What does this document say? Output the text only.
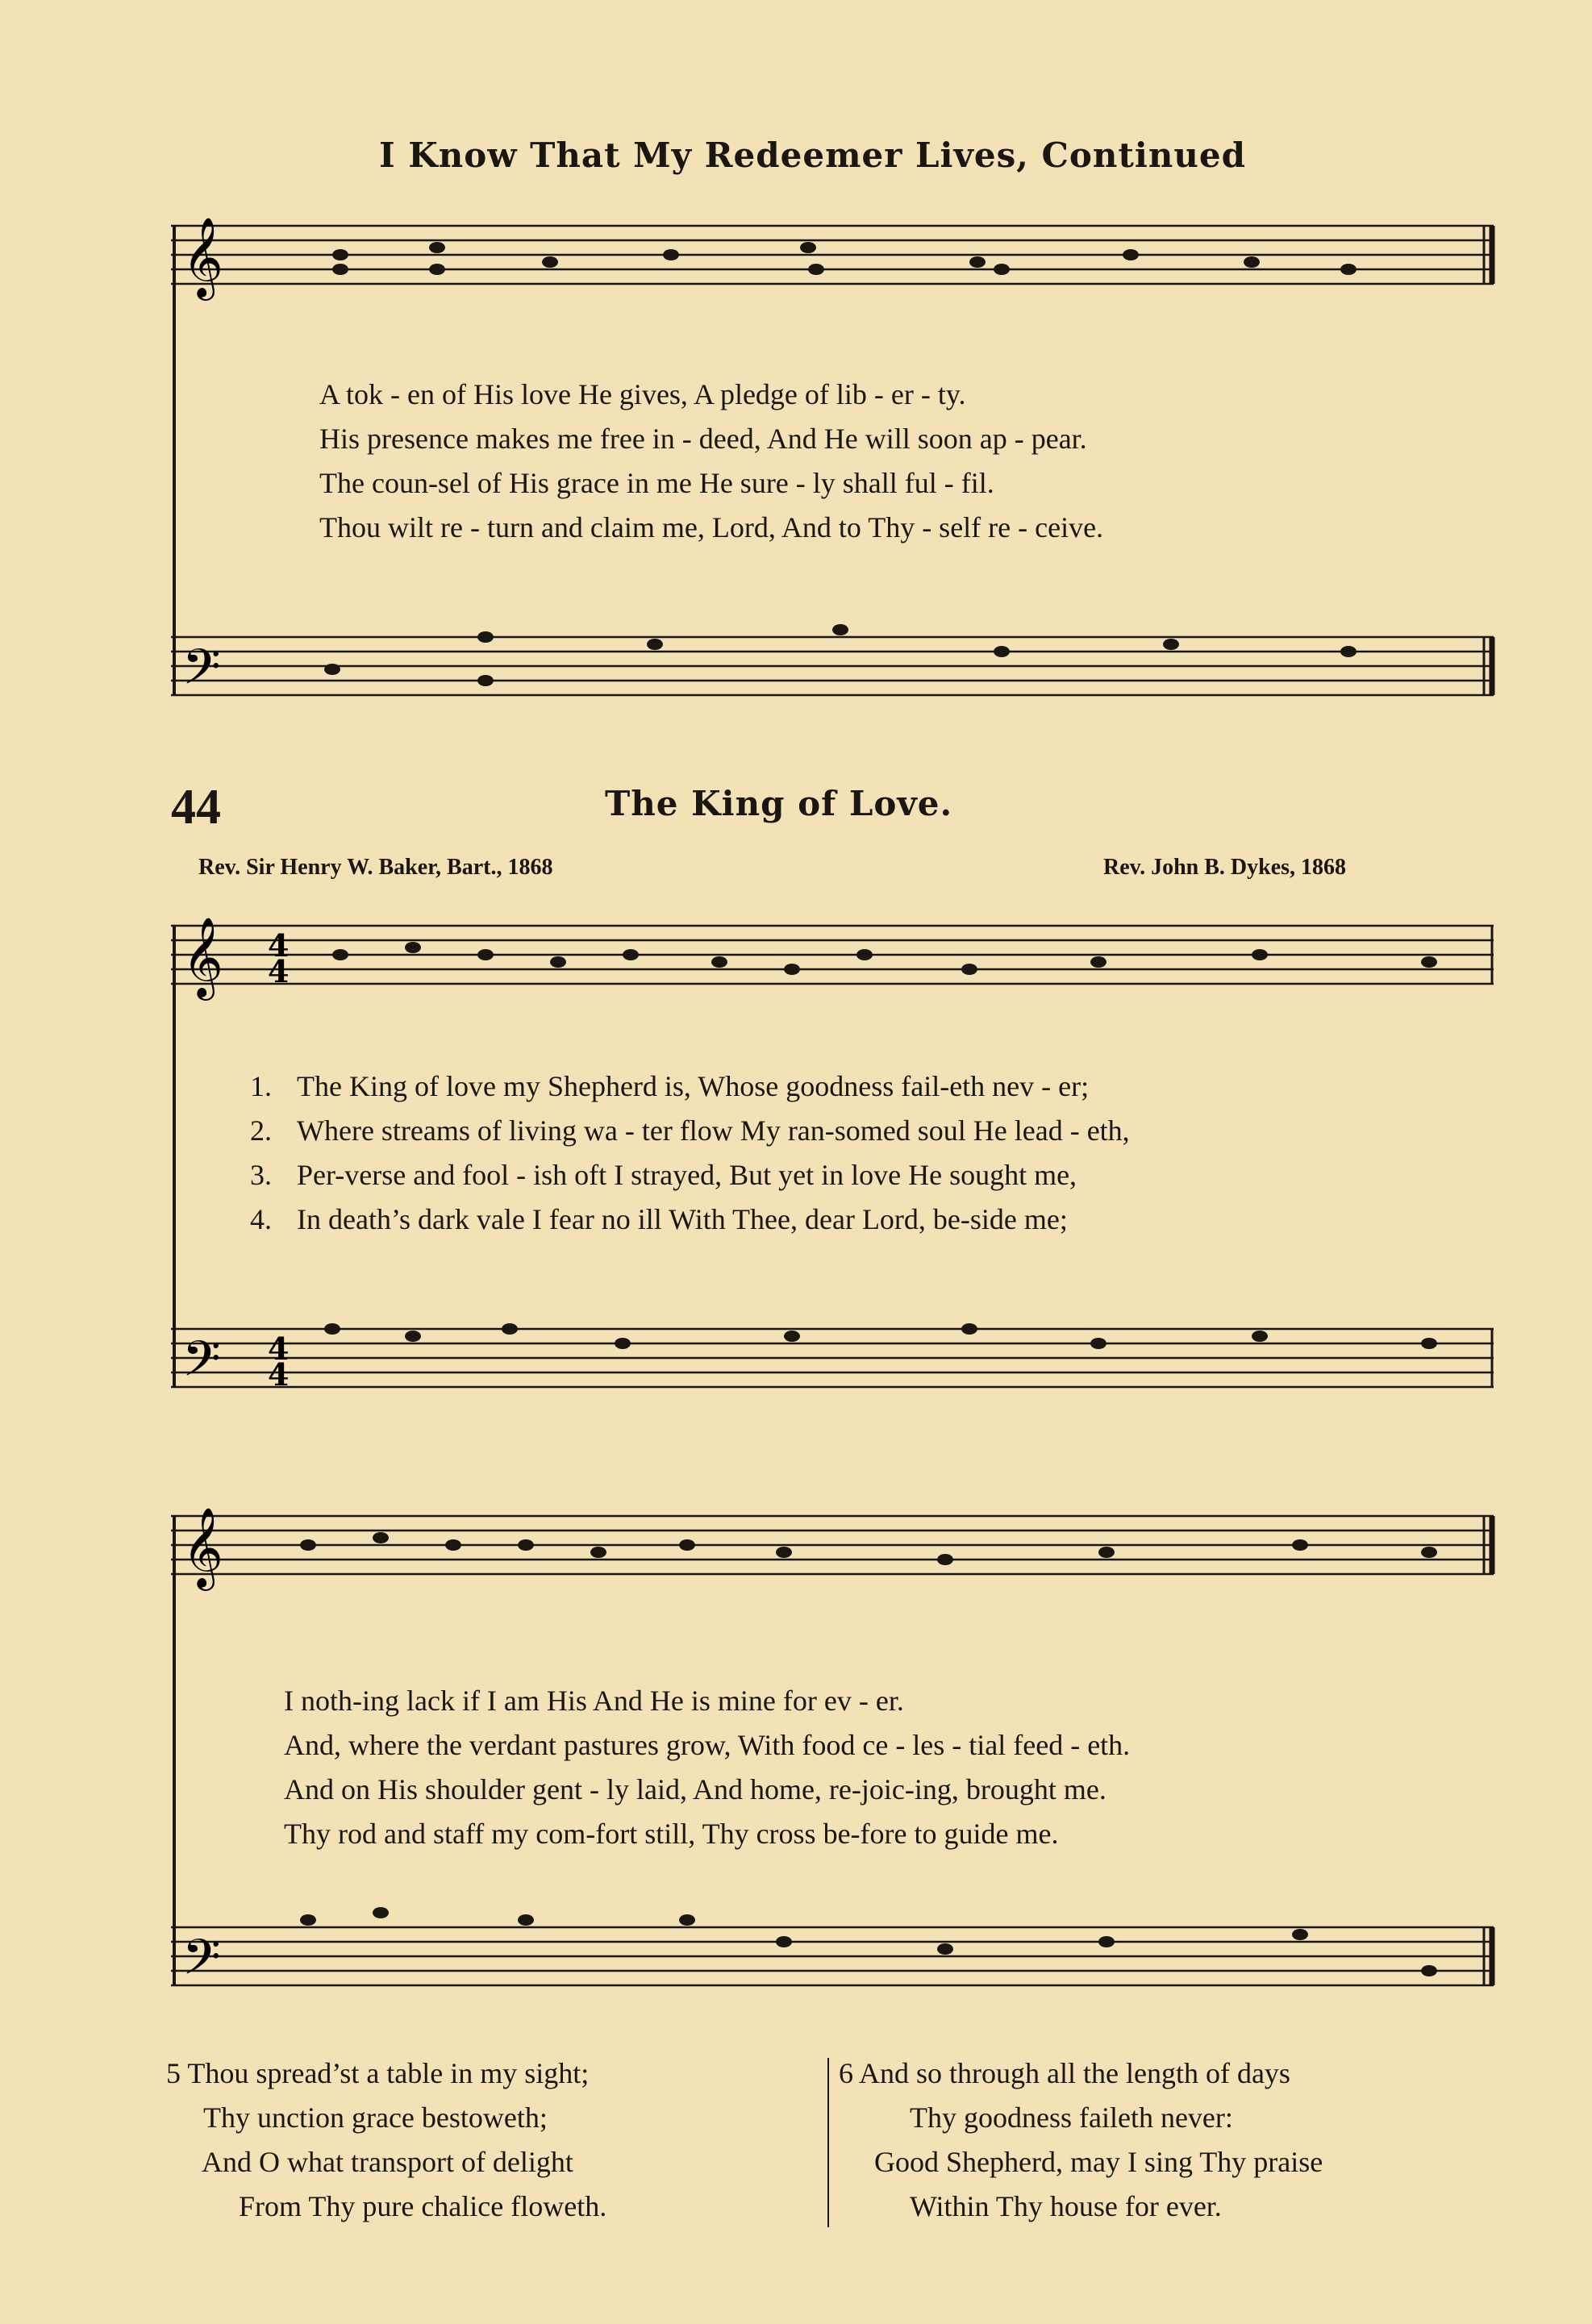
I Know That My Redeemer Lives, Continued
𝄞
𝄢
A tok - en of His love He gives, A pledge of lib - er - ty.
His presence makes me free in - deed, And He will soon ap - pear.
The coun-sel of His grace in me He sure - ly shall ful - fil.
Thou wilt re - turn and claim me, Lord, And to Thy - self re - ceive.
44	The King of Love.
Rev. Sir Henry W. Baker, Bart., 1868	Rev. John B. Dykes, 1868
𝄞
𝄢
4
4
4
4
1. The King of love my Shepherd is, Whose goodness fail-eth nev - er;
2. Where streams of living wa - ter flow My ran-somed soul He lead - eth,
3. Per-verse and fool - ish oft I strayed, But yet in love He sought me,
4. In death’s dark vale I fear no ill With Thee, dear Lord, be-side me;
𝄞
𝄢
I noth-ing lack if I am His And He is mine for ev - er.
And, where the verdant pastures grow, With food ce - les - tial feed - eth.
And on His shoulder gent - ly laid, And home, re-joic-ing, brought me.
Thy rod and staff my com-fort still, Thy cross be-fore to guide me.
5 Thou spread’st a table in my sight;
Thy unction grace bestoweth;
And O what transport of delight
From Thy pure chalice floweth.
6 And so through all the length of days
Thy goodness faileth never:
Good Shepherd, may I sing Thy praise
Within Thy house for ever.
